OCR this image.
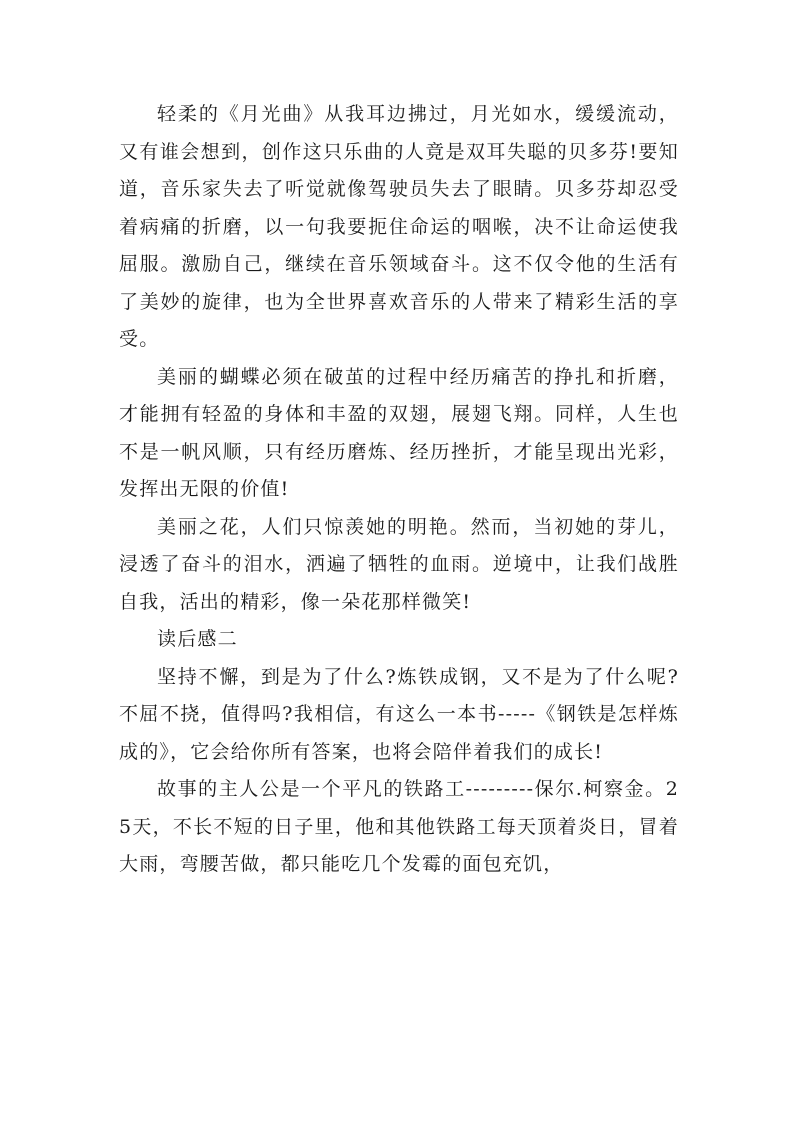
轻柔的《月光曲》从我耳边拂过，月光如水，缓缓流动，又有谁会想到，创作这只乐曲的人竟是双耳失聪的贝多芬!要知道，音乐家失去了听觉就像驾驶员失去了眼睛。贝多芬却忍受着病痛的折磨，以一句我要扼住命运的咽喉，决不让命运使我屈服。激励自己，继续在音乐领域奋斗。这不仅令他的生活有了美妙的旋律，也为全世界喜欢音乐的人带来了精彩生活的享受。

美丽的蝴蝶必须在破茧的过程中经历痛苦的挣扎和折磨，才能拥有轻盈的身体和丰盈的双翅，展翅飞翔。同样，人生也不是一帆风顺，只有经历磨炼、经历挫折，才能呈现出光彩，发挥出无限的价值!

美丽之花，人们只惊羡她的明艳。然而，当初她的芽儿，浸透了奋斗的泪水，洒遍了牺牲的血雨。逆境中，让我们战胜自我，活出的精彩，像一朵花那样微笑!

读后感二

坚持不懈，到是为了什么?炼铁成钢，又不是为了什么呢?不屈不挠，值得吗?我相信，有这么一本书-----《钢铁是怎样炼成的》，它会给你所有答案，也将会陪伴着我们的成长!

故事的主人公是一个平凡的铁路工---------保尔.柯察金。25天，不长不短的日子里，他和其他铁路工每天顶着炎日，冒着大雨，弯腰苦做，都只能吃几个发霉的面包充饥，
